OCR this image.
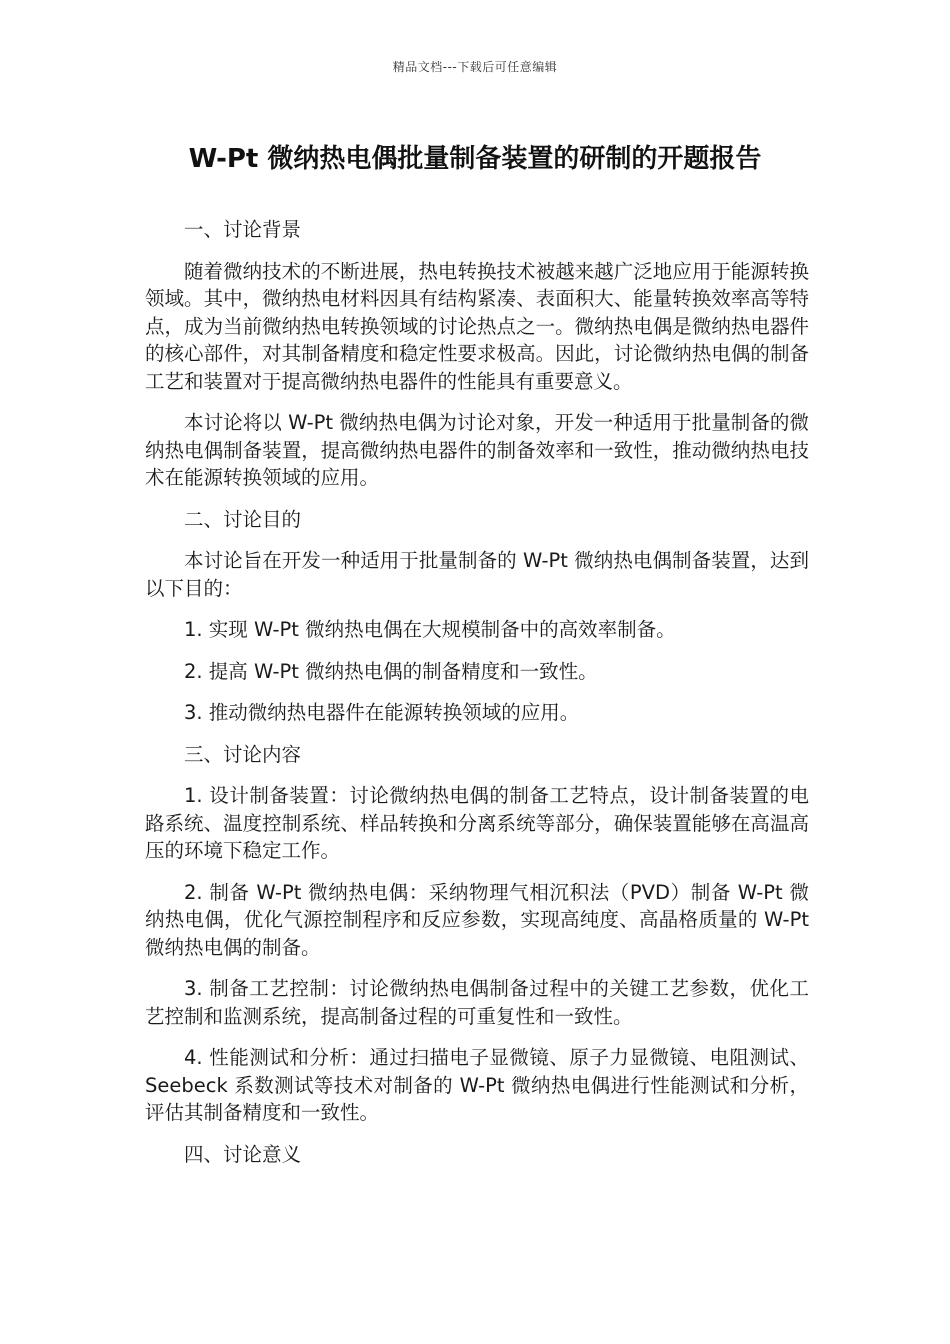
精品文档---下载后可任意编辑
W-Pt 微纳热电偶批量制备装置的研制的开题报告

一、讨论背景

随着微纳技术的不断进展，热电转换技术被越来越广泛地应用于能源转换领域。其中，微纳热电材料因具有结构紧凑、表面积大、能量转换效率高等特点，成为当前微纳热电转换领域的讨论热点之一。微纳热电偶是微纳热电器件的核心部件，对其制备精度和稳定性要求极高。因此，讨论微纳热电偶的制备工艺和装置对于提高微纳热电器件的性能具有重要意义。

本讨论将以 W-Pt 微纳热电偶为讨论对象，开发一种适用于批量制备的微纳热电偶制备装置，提高微纳热电器件的制备效率和一致性，推动微纳热电技术在能源转换领域的应用。

二、讨论目的

本讨论旨在开发一种适用于批量制备的 W-Pt 微纳热电偶制备装置，达到以下目的：

1. 实现 W-Pt 微纳热电偶在大规模制备中的高效率制备。

2. 提高 W-Pt 微纳热电偶的制备精度和一致性。

3. 推动微纳热电器件在能源转换领域的应用。

三、讨论内容

1. 设计制备装置：讨论微纳热电偶的制备工艺特点，设计制备装置的电路系统、温度控制系统、样品转换和分离系统等部分，确保装置能够在高温高压的环境下稳定工作。

2. 制备 W-Pt 微纳热电偶：采纳物理气相沉积法（PVD）制备 W-Pt 微纳热电偶，优化气源控制程序和反应参数，实现高纯度、高晶格质量的 W-Pt 微纳热电偶的制备。

3. 制备工艺控制：讨论微纳热电偶制备过程中的关键工艺参数，优化工艺控制和监测系统，提高制备过程的可重复性和一致性。

4. 性能测试和分析：通过扫描电子显微镜、原子力显微镜、电阻测试、Seebeck 系数测试等技术对制备的 W-Pt 微纳热电偶进行性能测试和分析，评估其制备精度和一致性。

四、讨论意义
